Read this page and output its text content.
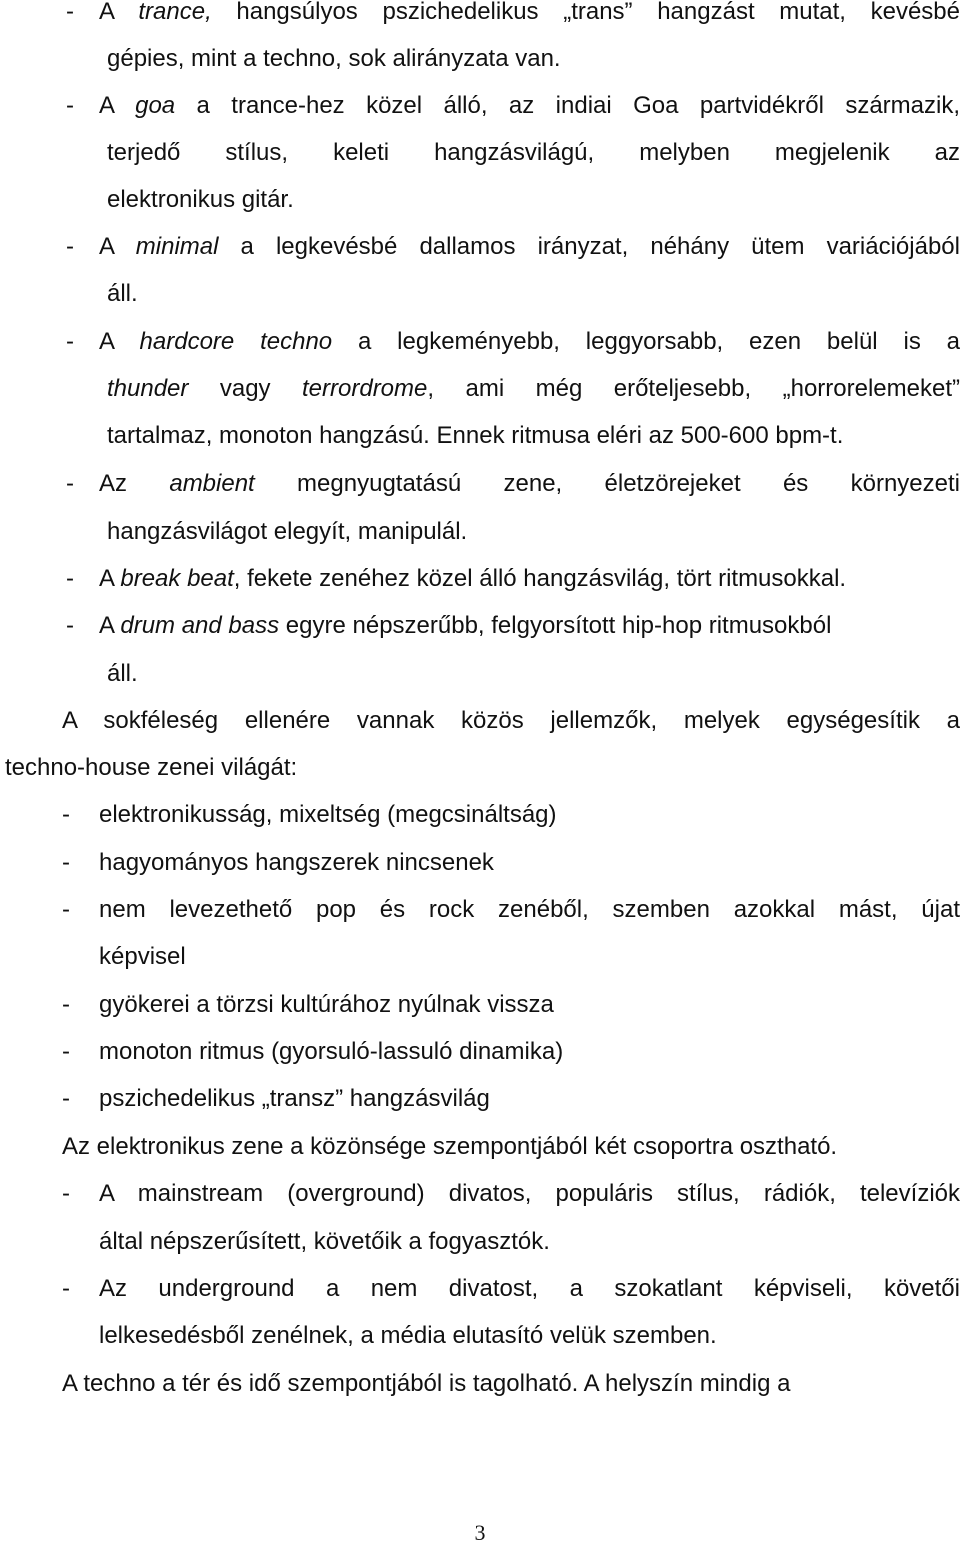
- A trance, hangsúlyos pszichedelikus „trans” hangzást mutat, kevésbé
gépies, mint a techno, sok alirányzata van.
- A goa a trance-hez közel álló, az indiai Goa partvidékről származik,
terjedő stílus, keleti hangzásvilágú, melyben megjelenik az
elektronikus gitár.
- A minimal a legkevésbé dallamos irányzat, néhány ütem variációjából
áll.
- A hardcore techno a legkeményebb, leggyorsabb, ezen belül is a
thunder vagy terrordrome, ami még erőteljesebb, „horrorelemeket”
tartalmaz, monoton hangzású. Ennek ritmusa eléri az 500-600 bpm-t.
- Az ambient megnyugtatású zene, életzörejeket és környezeti
hangzásvilágot elegyít, manipulál.
- A break beat, fekete zenéhez közel álló hangzásvilág, tört ritmusokkal.
- A drum and bass egyre népszerűbb, felgyorsított hip-hop ritmusokból
áll.
A sokféleség ellenére vannak közös jellemzők, melyek egységesítik a
techno-house zenei világát:
- elektronikusság, mixeltség (megcsináltság)
- hagyományos hangszerek nincsenek
- nem levezethető pop és rock zenéből, szemben azokkal mást, újat
képvisel
- gyökerei a törzsi kultúrához nyúlnak vissza
- monoton ritmus (gyorsuló-lassuló dinamika)
- pszichedelikus „transz” hangzásvilág
Az elektronikus zene a közönsége szempontjából két csoportra osztható.
- A mainstream (overground) divatos, populáris stílus, rádiók, televíziók
által népszerűsített, követőik a fogyasztók.
- Az underground a nem divatost, a szokatlant képviseli, követői
lelkesedésből zenélnek, a média elutasító velük szemben.
A techno a tér és idő szempontjából is tagolható. A helyszín mindig a
3
